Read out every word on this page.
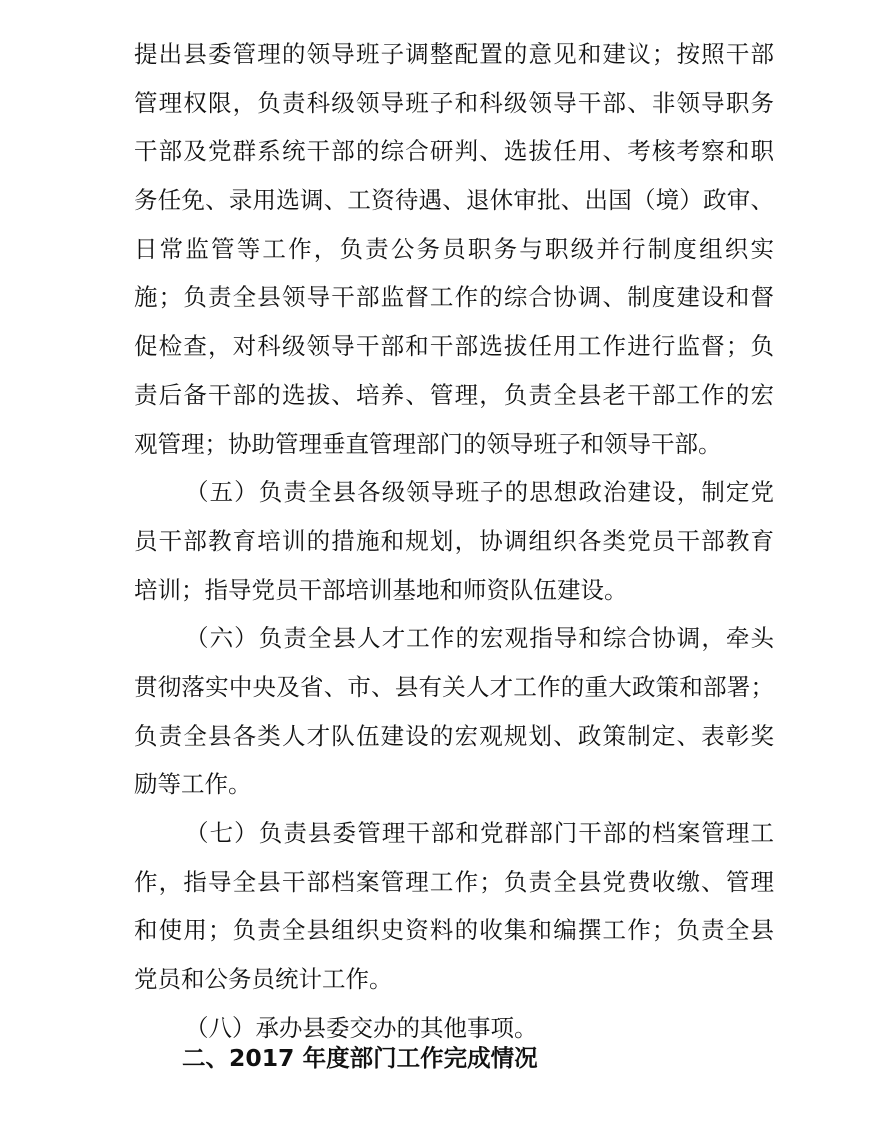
提出县委管理的领导班子调整配置的意见和建议；按照干部
管理权限，负责科级领导班子和科级领导干部、非领导职务
干部及党群系统干部的综合研判、选拔任用、考核考察和职
务任免、录用选调、工资待遇、退休审批、出国（境）政审、
日常监管等工作，负责公务员职务与职级并行制度组织实
施；负责全县领导干部监督工作的综合协调、制度建设和督
促检查，对科级领导干部和干部选拔任用工作进行监督；负
责后备干部的选拔、培养、管理，负责全县老干部工作的宏
观管理；协助管理垂直管理部门的领导班子和领导干部。
（五）负责全县各级领导班子的思想政治建设，制定党
员干部教育培训的措施和规划，协调组织各类党员干部教育
培训；指导党员干部培训基地和师资队伍建设。
（六）负责全县人才工作的宏观指导和综合协调，牵头
贯彻落实中央及省、市、县有关人才工作的重大政策和部署；
负责全县各类人才队伍建设的宏观规划、政策制定、表彰奖
励等工作。
（七）负责县委管理干部和党群部门干部的档案管理工
作，指导全县干部档案管理工作；负责全县党费收缴、管理
和使用；负责全县组织史资料的收集和编撰工作；负责全县
党员和公务员统计工作。
（八）承办县委交办的其他事项。
二、2017 年度部门工作完成情况
